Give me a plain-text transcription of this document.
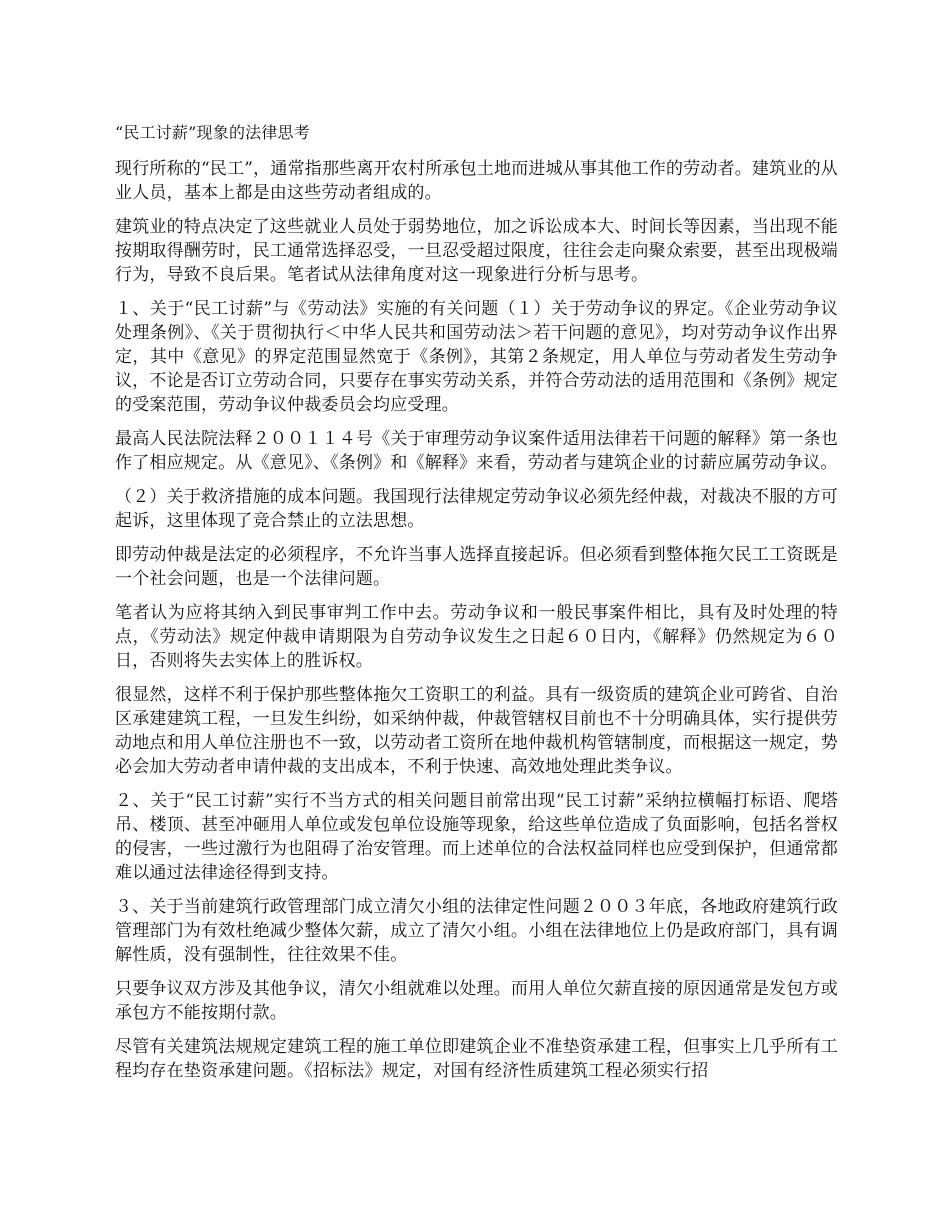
“民工讨薪”现象的法律思考

现行所称的“民工”，通常指那些离开农村所承包土地而进城从事其他工作的劳动者。建筑业的从业人员，基本上都是由这些劳动者组成的。

建筑业的特点决定了这些就业人员处于弱势地位，加之诉讼成本大、时间长等因素，当出现不能按期取得酬劳时，民工通常选择忍受，一旦忍受超过限度，往往会走向聚众索要，甚至出现极端行为，导致不良后果。笔者试从法律角度对这一现象进行分析与思考。

１、关于“民工讨薪”与《劳动法》实施的有关问题（１）关于劳动争议的界定。《企业劳动争议处理条例》、《关于贯彻执行＜中华人民共和国劳动法＞若干问题的意见》，均对劳动争议作出界定，其中《意见》的界定范围显然宽于《条例》，其第２条规定，用人单位与劳动者发生劳动争议，不论是否订立劳动合同，只要存在事实劳动关系，并符合劳动法的适用范围和《条例》规定的受案范围，劳动争议仲裁委员会均应受理。

最高人民法院法释２００１１４号《关于审理劳动争议案件适用法律若干问题的解释》第一条也作了相应规定。从《意见》、《条例》和《解释》来看，劳动者与建筑企业的讨薪应属劳动争议。

（２）关于救济措施的成本问题。我国现行法律规定劳动争议必须先经仲裁，对裁决不服的方可起诉，这里体现了竞合禁止的立法思想。

即劳动仲裁是法定的必须程序，不允许当事人选择直接起诉。但必须看到整体拖欠民工工资既是一个社会问题，也是一个法律问题。

笔者认为应将其纳入到民事审判工作中去。劳动争议和一般民事案件相比，具有及时处理的特点，《劳动法》规定仲裁申请期限为自劳动争议发生之日起６０日内，《解释》仍然规定为６０日，否则将失去实体上的胜诉权。

很显然，这样不利于保护那些整体拖欠工资职工的利益。具有一级资质的建筑企业可跨省、自治区承建建筑工程，一旦发生纠纷，如采纳仲裁，仲裁管辖权目前也不十分明确具体，实行提供劳动地点和用人单位注册也不一致，以劳动者工资所在地仲裁机构管辖制度，而根据这一规定，势必会加大劳动者申请仲裁的支出成本，不利于快速、高效地处理此类争议。

２、关于“民工讨薪”实行不当方式的相关问题目前常出现“民工讨薪”采纳拉横幅打标语、爬塔吊、楼顶、甚至冲砸用人单位或发包单位设施等现象，给这些单位造成了负面影响，包括名誉权的侵害，一些过激行为也阻碍了治安管理。而上述单位的合法权益同样也应受到保护，但通常都难以通过法律途径得到支持。

３、关于当前建筑行政管理部门成立清欠小组的法律定性问题２００３年底，各地政府建筑行政管理部门为有效杜绝减少整体欠薪，成立了清欠小组。小组在法律地位上仍是政府部门，具有调解性质，没有强制性，往往效果不佳。

只要争议双方涉及其他争议，清欠小组就难以处理。而用人单位欠薪直接的原因通常是发包方或承包方不能按期付款。

尽管有关建筑法规规定建筑工程的施工单位即建筑企业不准垫资承建工程，但事实上几乎所有工程均存在垫资承建问题。《招标法》规定，对国有经济性质建筑工程必须实行招
